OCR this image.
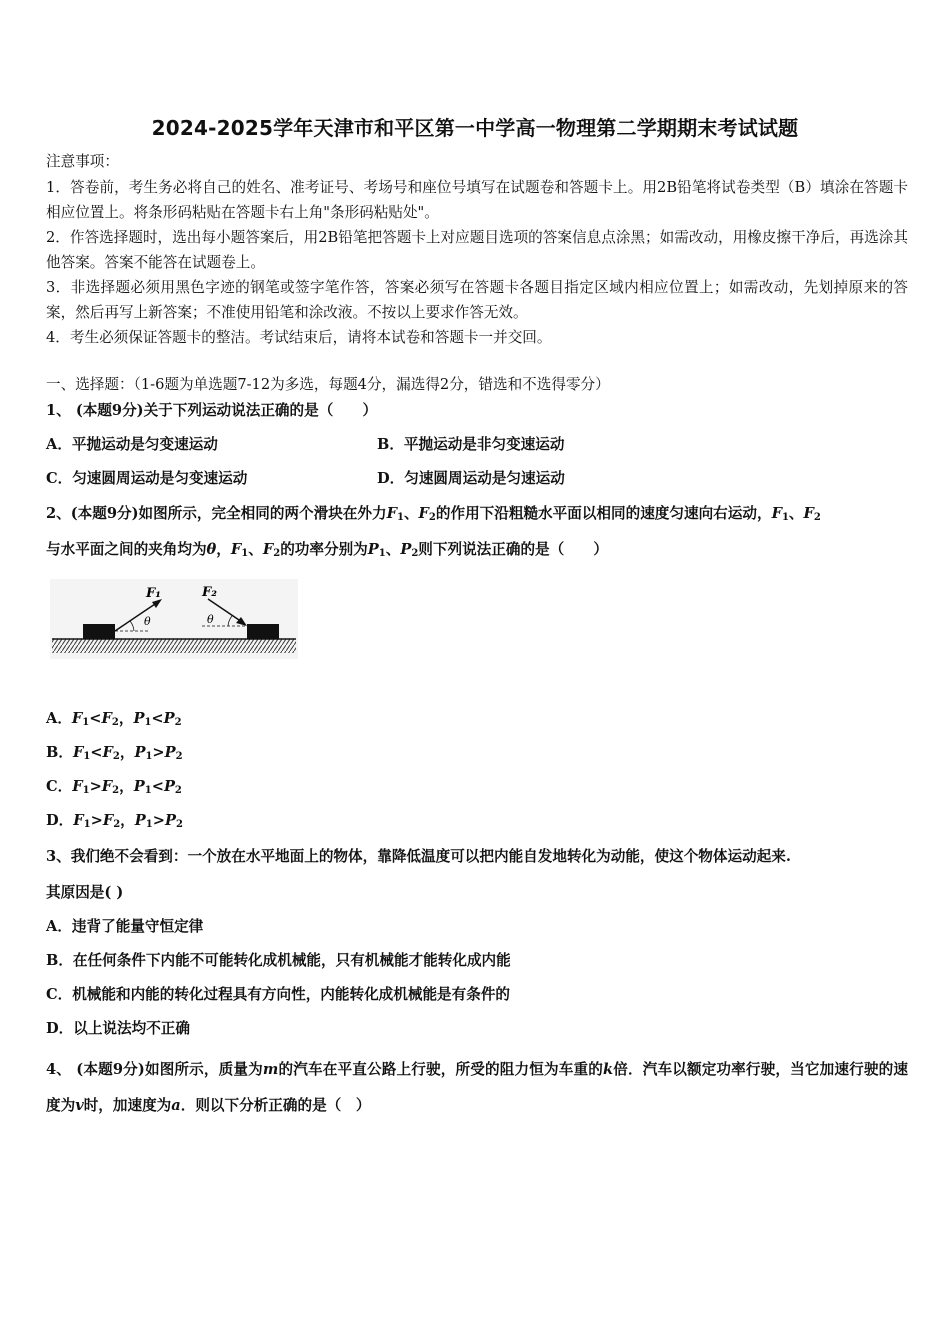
2024-2025学年天津市和平区第一中学高一物理第二学期期末考试试题
注意事项：
1．答卷前，考生务必将自己的姓名、准考证号、考场号和座位号填写在试题卷和答题卡上。用2B铅笔将试卷类型（B）填涂在答题卡相应位置上。将条形码粘贴在答题卡右上角"条形码粘贴处"。
2．作答选择题时，选出每小题答案后，用2B铅笔把答题卡上对应题目选项的答案信息点涂黑；如需改动，用橡皮擦干净后，再选涂其他答案。答案不能答在试题卷上。
3．非选择题必须用黑色字迹的钢笔或签字笔作答，答案必须写在答题卡各题目指定区域内相应位置上；如需改动，先划掉原来的答案，然后再写上新答案；不准使用铅笔和涂改液。不按以上要求作答无效。
4．考生必须保证答题卡的整洁。考试结束后，请将本试卷和答题卡一并交回。
一、选择题：（1-6题为单选题7-12为多选，每题4分，漏选得2分，错选和不选得零分）
1、 (本题9分)关于下列运动说法正确的是（　　）
A．平抛运动是匀变速运动	B．平抛运动是非匀变速运动
C．匀速圆周运动是匀变速运动	D．匀速圆周运动是匀速运动
2、(本题9分)如图所示，完全相同的两个滑块在外力$F_1$、$F_2$的作用下沿粗糙水平面以相同的速度匀速向右运动，$F_1$、$F_2$
与水平面之间的夹角均为θ，$F_1$、$F_2$的功率分别为$P_1$、$P_2$则下列说法正确的是（　　）
θ
F₁
θ
F₂
A．$F_1<F_2$，$P_1<P_2$
B．$F_1<F_2$，$P_1>P_2$
C．$F_1>F_2$，$P_1<P_2$
D．$F_1>F_2$，$P_1>P_2$
3、我们绝不会看到：一个放在水平地面上的物体，靠降低温度可以把内能自发地转化为动能，使这个物体运动起来.
其原因是( )
A．违背了能量守恒定律
B．在任何条件下内能不可能转化成机械能，只有机械能才能转化成内能
C．机械能和内能的转化过程具有方向性，内能转化成机械能是有条件的
D．以上说法均不正确
4、 (本题9分)如图所示，质量为m的汽车在平直公路上行驶，所受的阻力恒为车重的k倍．汽车以额定功率行驶，当它加速行驶的速度为v时，加速度为a．则以下分析正确的是（　）
